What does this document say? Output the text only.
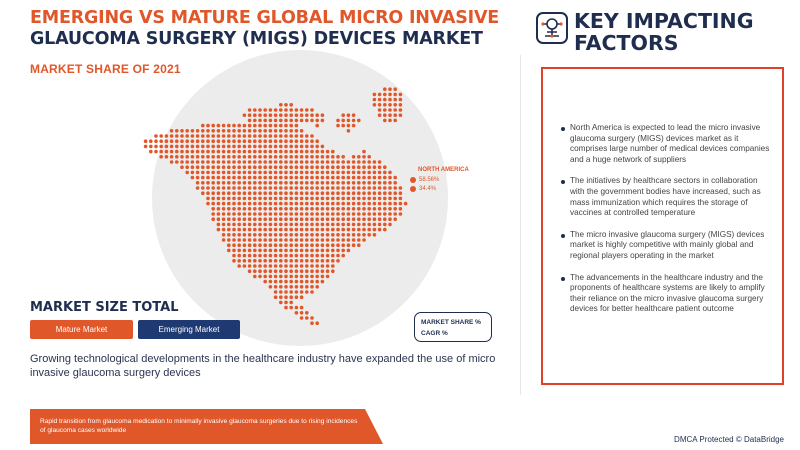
EMERGING VS MATURE GLOBAL MICRO INVASIVE
GLAUCOMA SURGERY (MIGS) DEVICES MARKET
MARKET SHARE OF 2021
NORTH AMERICA
58.56%
34.4%
MARKET SHARE %
CAGR %
MARKET SIZE TOTAL
Mature Market	Emerging Market
Growing technological developments in the healthcare industry have expanded the use of micro invasive glaucoma surgery devices
Rapid transition from glaucoma medication to minimally invasive glaucoma surgeries due to rising incidences of glaucoma cases worldwide
KEY IMPACTING
FACTORS
North America is expected to lead the micro invasive glaucoma surgery (MIGS) devices market as it comprises large number of medical devices companies and a huge network of suppliers
The initiatives by healthcare sectors in collaboration with the government bodies have increased, such as mass immunization which requires the storage of vaccines at controlled temperature
The micro invasive glaucoma surgery (MIGS) devices market is highly competitive with mainly global and regional players operating in the market
The advancements in the healthcare industry and the proponents of healthcare systems are likely to amplify their reliance on the micro invasive glaucoma surgery devices for better healthcare patient outcome
DMCA Protected © DataBridge
